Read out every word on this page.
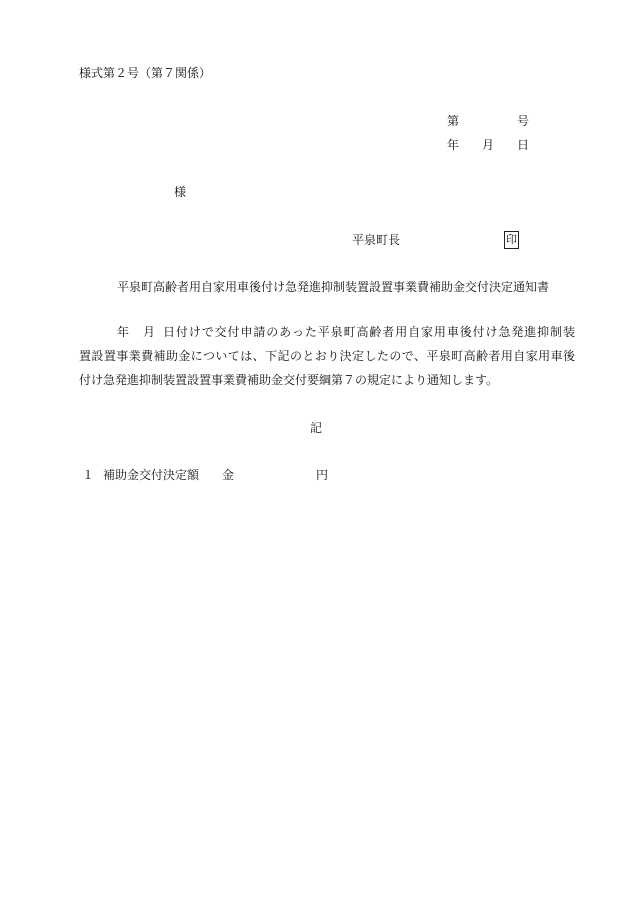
様式第２号（第７関係）
第	号
年 月 日
様
平泉町長	印
平泉町高齢者用自家用車後付け急発進抑制装置設置事業費補助金交付決定通知書
年 月 日付けで交付申請のあった平泉町高齢者用自家用車後付け急発進抑制装
置設置事業費補助金については、下記のとおり決定したので、平泉町高齢者用自家用車後
付け急発進抑制装置設置事業費補助金交付要綱第７の規定により通知します。
記
１ 補助金交付決定額 金	円
